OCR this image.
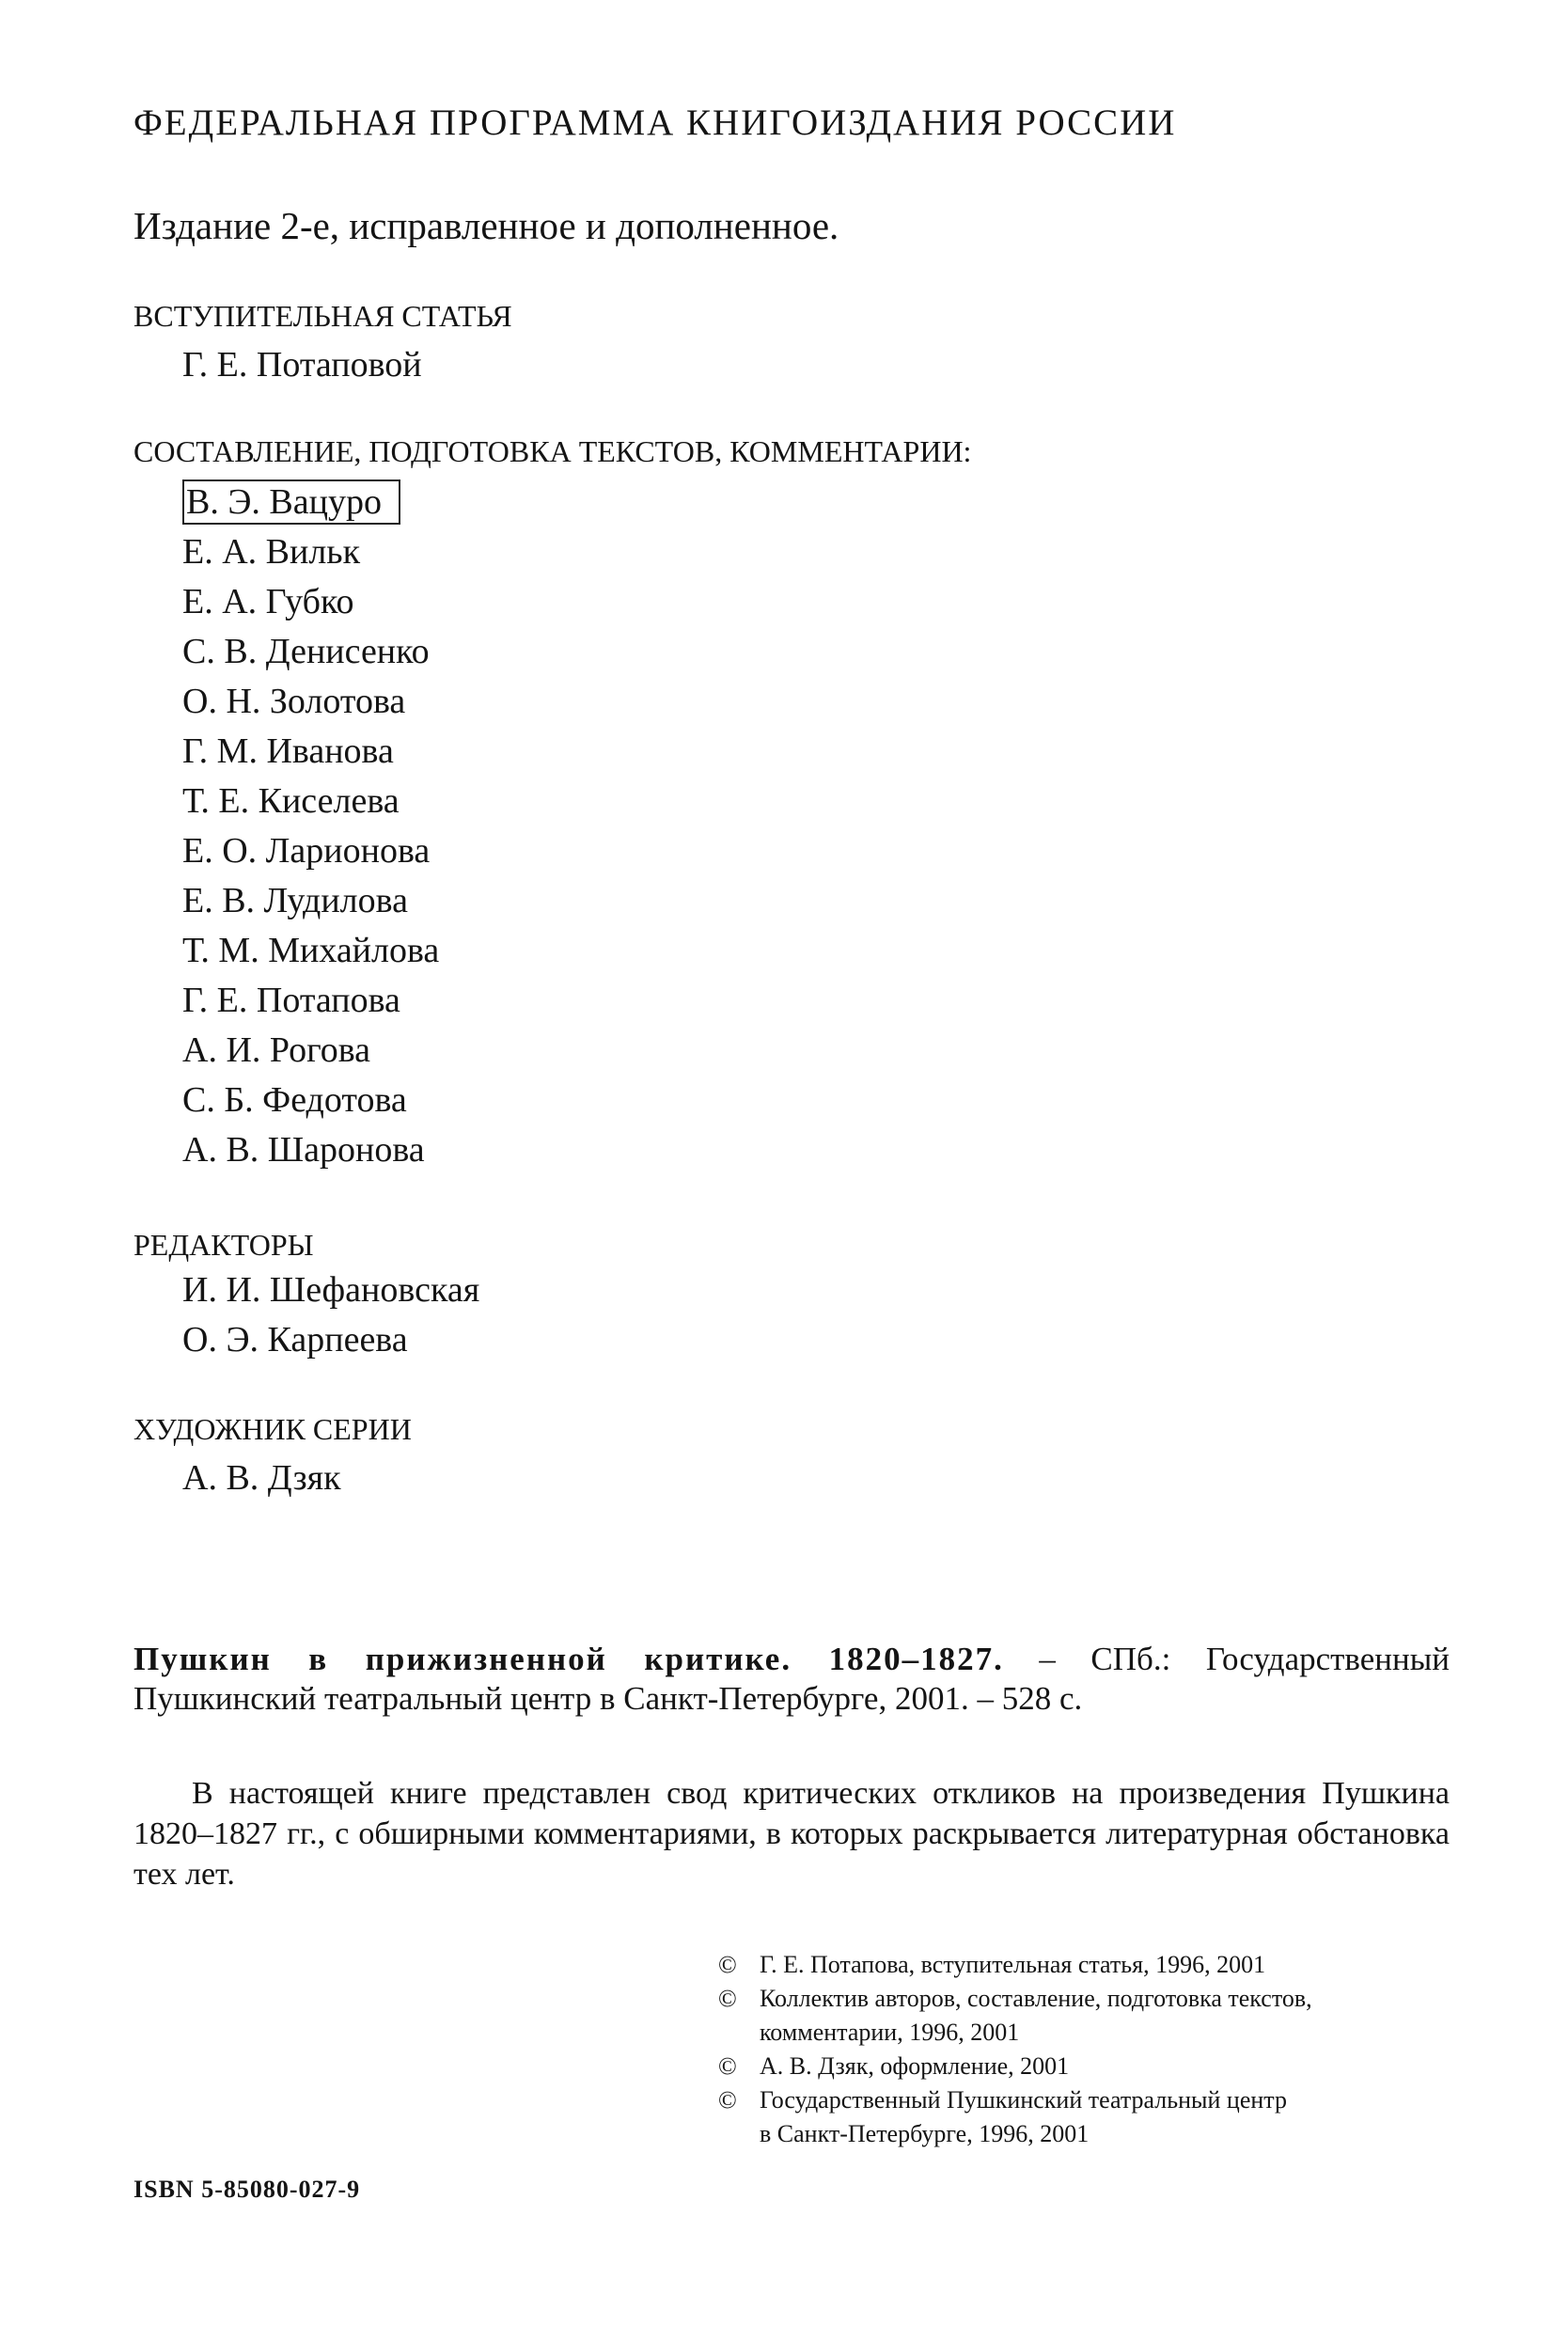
ФЕДЕРАЛЬНАЯ ПРОГРАММА КНИГОИЗДАНИЯ РОССИИ
Издание 2-е, исправленное и дополненное.
ВСТУПИТЕЛЬНАЯ СТАТЬЯ
Г. Е. Потаповой
СОСТАВЛЕНИЕ, ПОДГОТОВКА ТЕКСТОВ, КОММЕНТАРИИ:
В. Э. Вацуро
Е. А. Вильк
Е. А. Губко
С. В. Денисенко
О. Н. Золотова
Г. М. Иванова
Т. Е. Киселева
Е. О. Ларионова
Е. В. Лудилова
Т. М. Михайлова
Г. Е. Потапова
А. И. Рогова
С. Б. Федотова
А. В. Шаронова
РЕДАКТОРЫ
И. И. Шефановская
О. Э. Карпеева
ХУДОЖНИК СЕРИИ
А. В. Дзяк
Пушкин в прижизненной критике. 1820–1827. – СПб.: Государственный Пушкинский театральный центр в Санкт-Петербурге, 2001. – 528 с.
В настоящей книге представлен свод критических откликов на произведения Пушкина 1820–1827 гг., с обширными комментариями, в которых раскрывается литературная обстановка тех лет.
© Г. Е. Потапова, вступительная статья, 1996, 2001
© Коллектив авторов, составление, подготовка текстов,
комментарии, 1996, 2001
© А. В. Дзяк, оформление, 2001
© Государственный Пушкинский театральный центр
в Санкт-Петербурге, 1996, 2001
ISBN 5-85080-027-9
